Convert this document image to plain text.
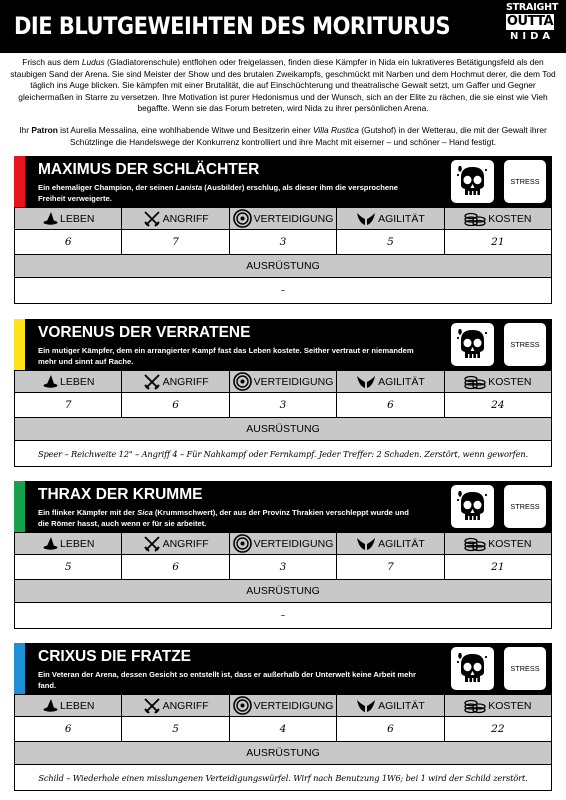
DIE BLUTGEWEIHTEN DES MORITURUS
STRAIGHT
OUTTA
NIDA

Frisch aus dem Ludus (Gladiatorenschule) entflohen oder freigelassen, finden diese Kämpfer in Nida ein lukrativeres Betätigungsfeld als den staubigen Sand der Arena. Sie sind Meister der Show und des brutalen Zweikampfs, geschmückt mit Narben und dem Hochmut derer, die dem Tod täglich ins Auge blicken. Sie kämpfen mit einer Brutalität, die auf Einschüchterung und theatralische Gewalt setzt, um Gaffer und Gegner gleichermaßen in Starre zu versetzen. Ihre Motivation ist purer Hedonismus und der Wunsch, sich an der Elite zu rächen, die sie einst wie Vieh begaffte. Wenn sie das Forum betreten, wird Nida zu ihrer persönlichen Arena.

Ihr Patron ist Aurelia Messalina, eine wohlhabende Witwe und Besitzerin einer Villa Rustica (Gutshof) in der Wetterau, die mit der Gewalt ihrer Schützlinge die Handelswege der Konkurrenz kontrolliert und ihre Macht mit eiserner – und schöner – Hand festigt.

MAXIMUS DER SCHLÄCHTER
Ein ehemaliger Champion, der seinen Lanista (Ausbilder) erschlug, als dieser ihm die versprochene Freiheit verweigerte.
STRESS
LEBEN	ANGRIFF	VERTEIDIGUNG	AGILITÄT	KOSTEN
6	7	3	5	21
AUSRÜSTUNG
–
VORENUS DER VERRATENE
Ein mutiger Kämpfer, dem ein arrangierter Kampf fast das Leben kostete. Seither vertraut er niemandem mehr und sinnt auf Rache.
STRESS
LEBEN	ANGRIFF	VERTEIDIGUNG	AGILITÄT	KOSTEN
7	6	3	6	24
AUSRÜSTUNG
Speer – Reichweite 12" – Angriff 4 – Für Nahkampf oder Fernkampf. Jeder Treffer: 2 Schaden. Zerstört, wenn geworfen.
THRAX DER KRUMME
Ein flinker Kämpfer mit der Sica (Krummschwert), der aus der Provinz Thrakien verschleppt wurde und die Römer hasst, auch wenn er für sie arbeitet.
STRESS
LEBEN	ANGRIFF	VERTEIDIGUNG	AGILITÄT	KOSTEN
5	6	3	7	21
AUSRÜSTUNG
–
CRIXUS DIE FRATZE
Ein Veteran der Arena, dessen Gesicht so entstellt ist, dass er außerhalb der Unterwelt keine Arbeit mehr fand.
STRESS
LEBEN	ANGRIFF	VERTEIDIGUNG	AGILITÄT	KOSTEN
6	5	4	6	22
AUSRÜSTUNG
Schild – Wiederhole einen misslungenen Verteidigungswürfel. Wirf nach Benutzung 1W6; bei 1 wird der Schild zerstört.
